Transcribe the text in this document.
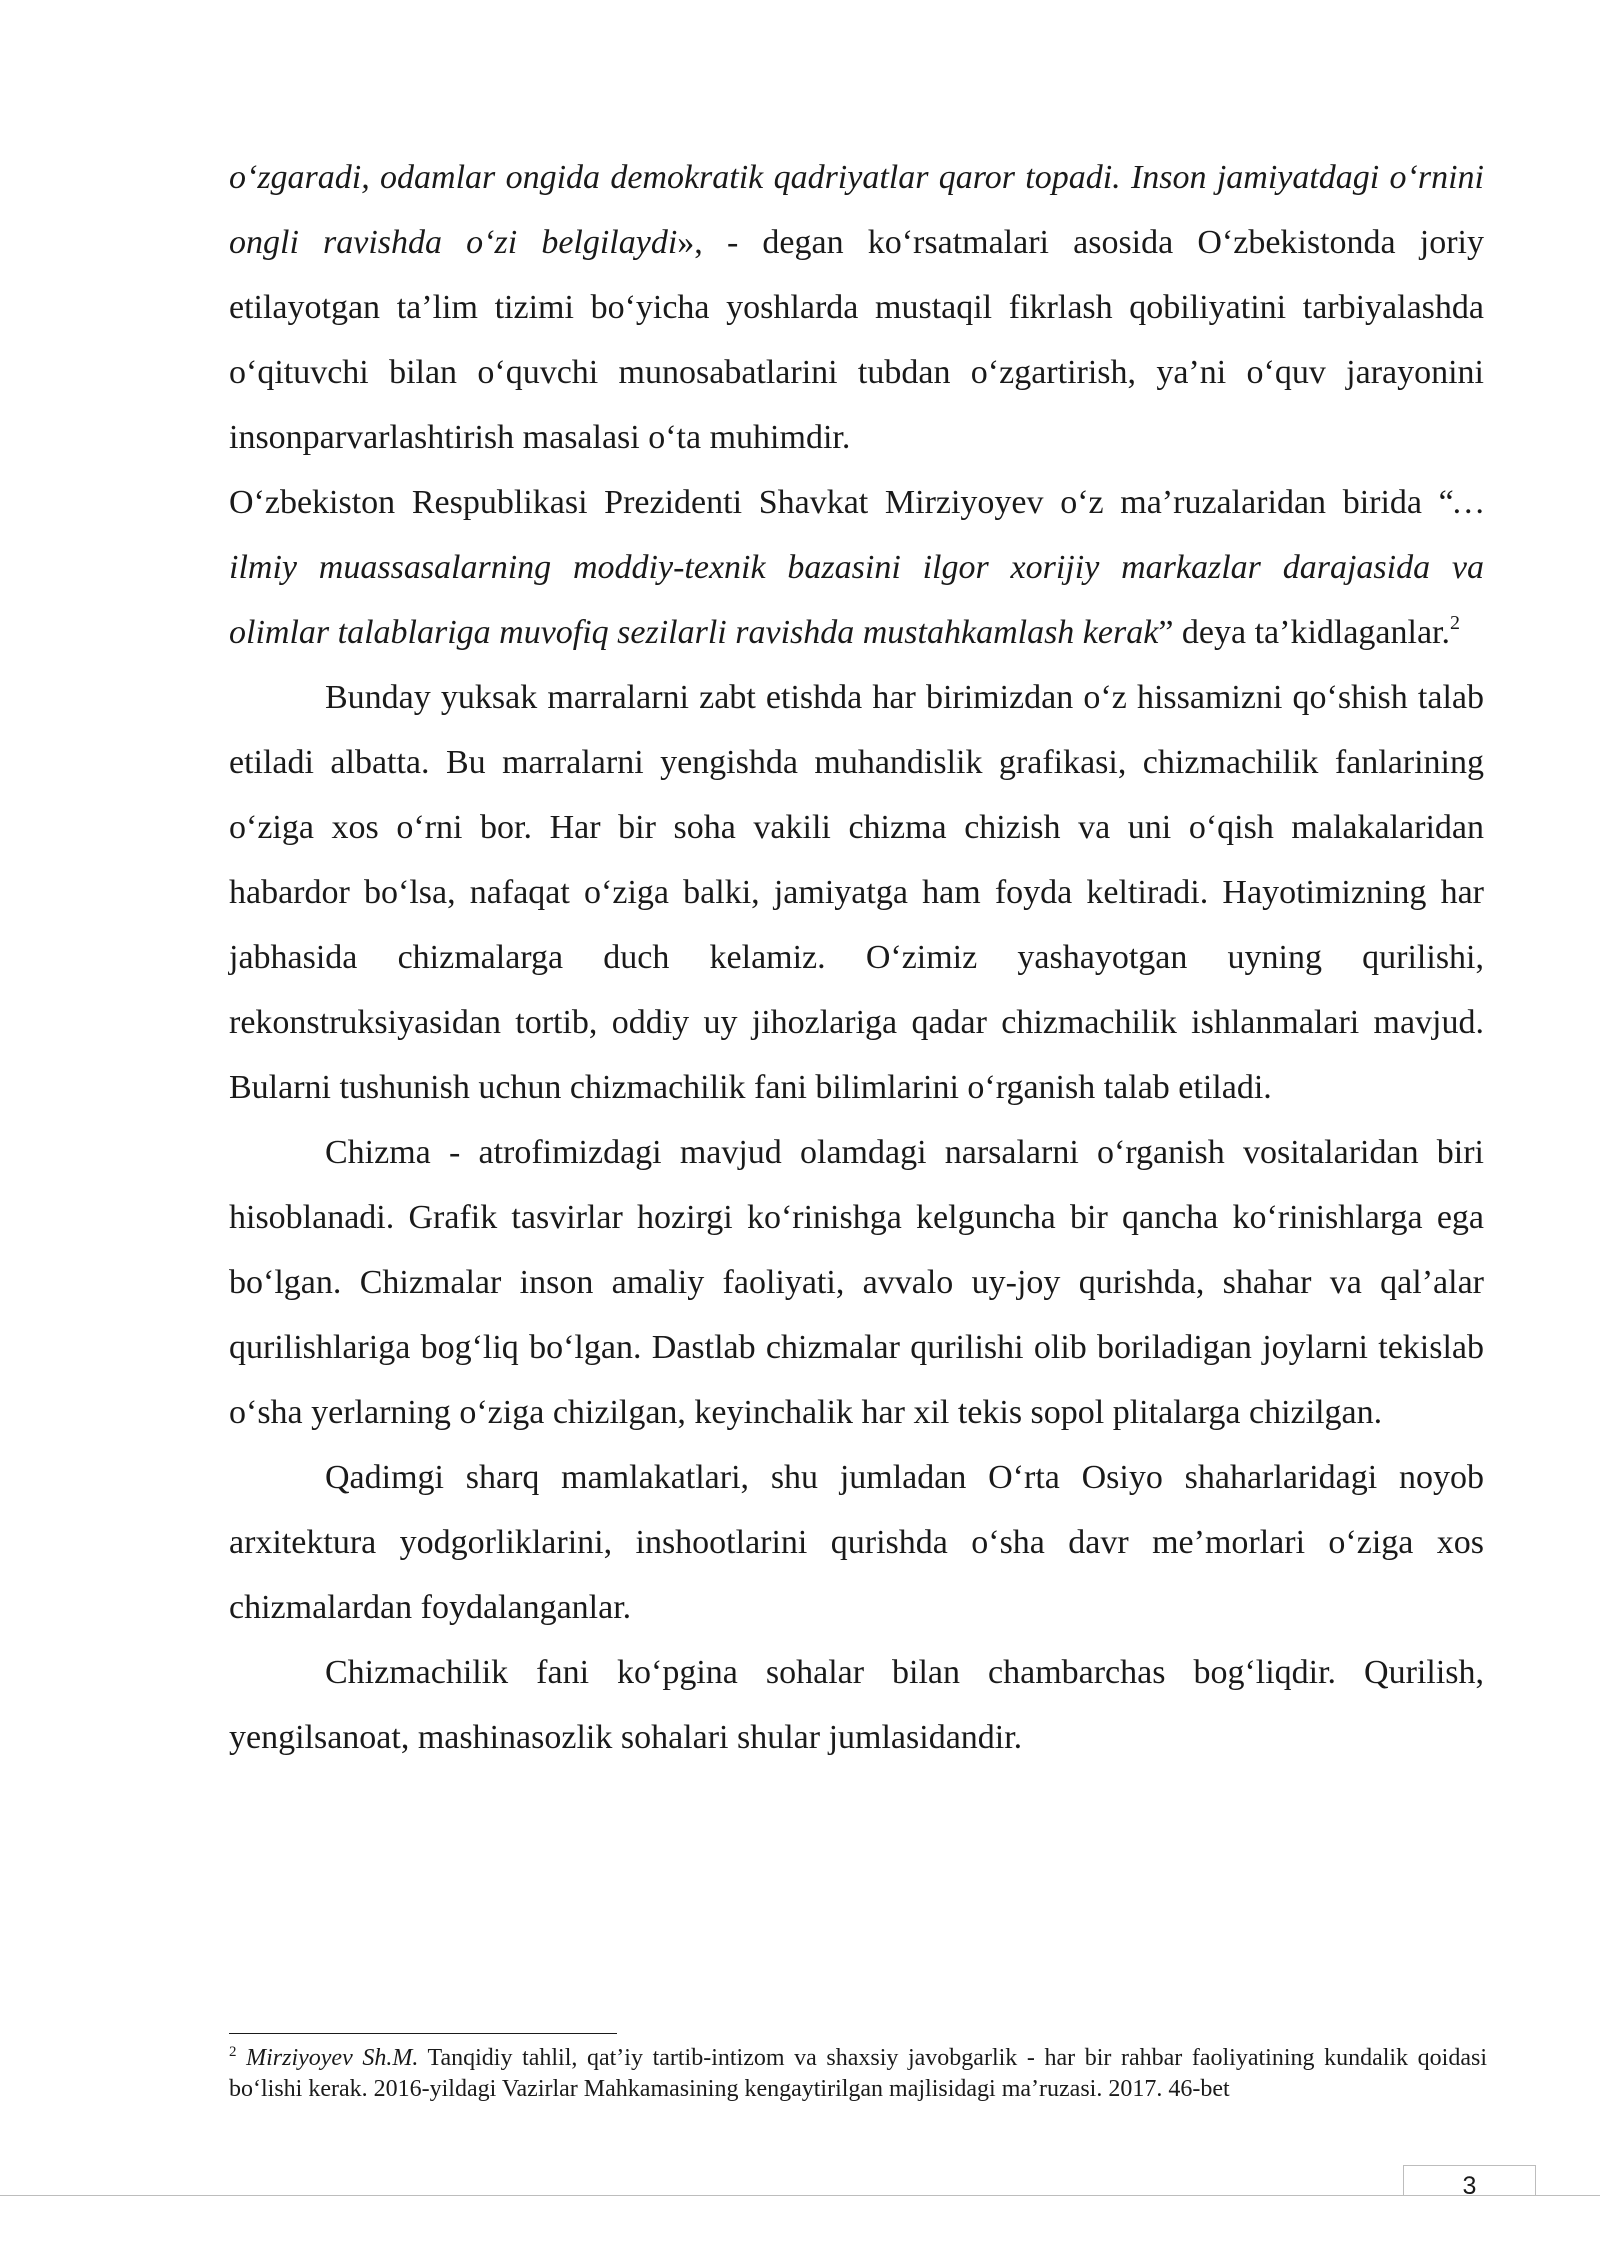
o‘zgaradi, odamlar ongida demokratik qadriyatlar qaror topadi. Inson jamiyatdagi o‘rnini ongli ravishda o‘zi belgilaydi», - degan ko‘rsatmalari asosida O‘zbekistonda joriy etilayotgan ta’lim tizimi bo‘yicha yoshlarda mustaqil fikrlash qobiliyatini tarbiyalashda o‘qituvchi bilan o‘quvchi munosabatlarini tubdan o‘zgartirish, ya’ni o‘quv jarayonini insonparvarlashtirish masalasi o‘ta muhimdir.

O‘zbekiston Respublikasi Prezidenti Shavkat Mirziyoyev o‘z ma’ruzalaridan birida “…ilmiy muassasalarning moddiy-texnik bazasini ilgor xorijiy markazlar darajasida va olimlar talablariga muvofiq sezilarli ravishda mustahkamlash kerak” deya ta’kidlaganlar.$^2$

Bunday yuksak marralarni zabt etishda har birimizdan o‘z hissamizni qo‘shish talab etiladi albatta. Bu marralarni yengishda muhandislik grafikasi, chizmachilik fanlarining o‘ziga xos o‘rni bor. Har bir soha vakili chizma chizish va uni o‘qish malakalaridan habardor bo‘lsa, nafaqat o‘ziga balki, jamiyatga ham foyda keltiradi. Hayotimizning har jabhasida chizmalarga duch kelamiz. O‘zimiz yashayotgan uyning qurilishi, rekonstruksiyasidan tortib, oddiy uy jihozlariga qadar chizmachilik ishlanmalari mavjud. Bularni tushunish uchun chizmachilik fani bilimlarini o‘rganish talab etiladi.

Chizma - atrofimizdagi mavjud olamdagi narsalarni o‘rganish vositalaridan biri hisoblanadi. Grafik tasvirlar hozirgi ko‘rinishga kelguncha bir qancha ko‘rinishlarga ega bo‘lgan. Chizmalar inson amaliy faoliyati, avvalo uy-joy qurishda, shahar va qal’alar qurilishlariga bog‘liq bo‘lgan. Dastlab chizmalar qurilishi olib boriladigan joylarni tekislab o‘sha yerlarning o‘ziga chizilgan, keyinchalik har xil tekis sopol plitalarga chizilgan.

Qadimgi sharq mamlakatlari, shu jumladan O‘rta Osiyo shaharlaridagi noyob arxitektura yodgorliklarini, inshootlarini qurishda o‘sha davr me’morlari o‘ziga xos chizmalardan foydalanganlar.

Chizmachilik fani ko‘pgina sohalar bilan chambarchas bog‘liqdir. Qurilish, yengilsanoat, mashinasozlik sohalari shular jumlasidandir.

$^2$ Mirziyoyev Sh.M. Tanqidiy tahlil, qat’iy tartib-intizom va shaxsiy javobgarlik - har bir rahbar faoliyatining kundalik qoidasi bo‘lishi kerak. 2016-yildagi Vazirlar Mahkamasining kengaytirilgan majlisidagi ma’ruzasi. 2017. 46-bet
3
